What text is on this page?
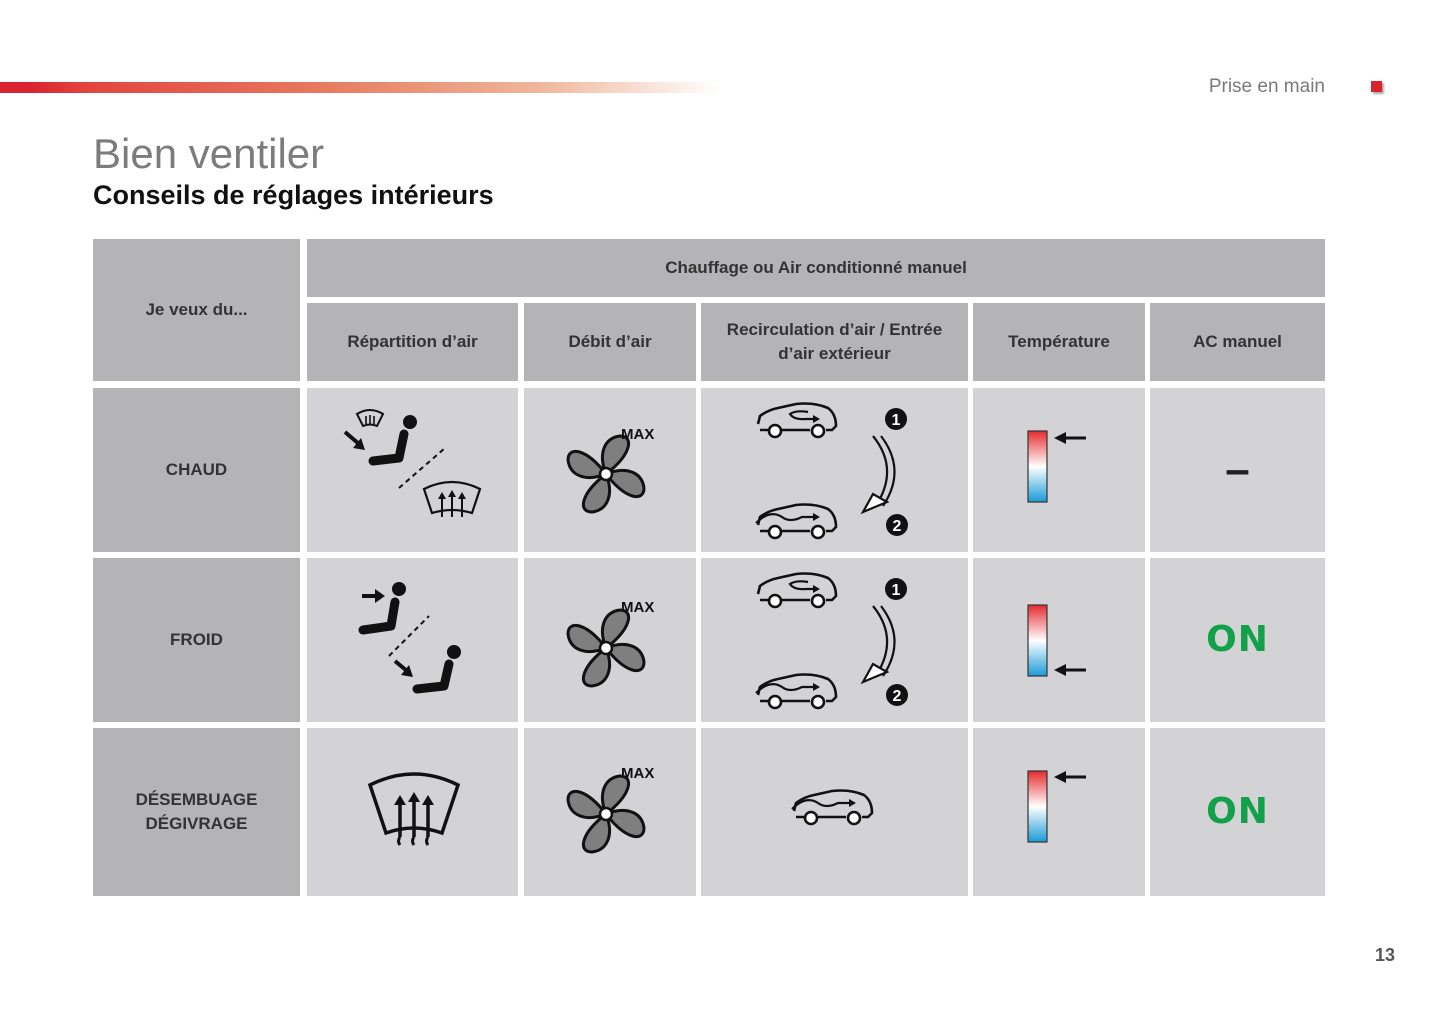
Prise en main
Bien ventiler
Conseils de réglages intérieurs
Je veux du...
Chauffage ou Air conditionné manuel
Répartition d’air	Débit d’air
Recirculation d’air / Entrée d’air extérieur
Température	AC manuel
CHAUD
MAX
1
2
–
FROID
MAX
1
2
ON
DÉSEMBUAGE
DÉGIVRAGE
MAX
ON
13
